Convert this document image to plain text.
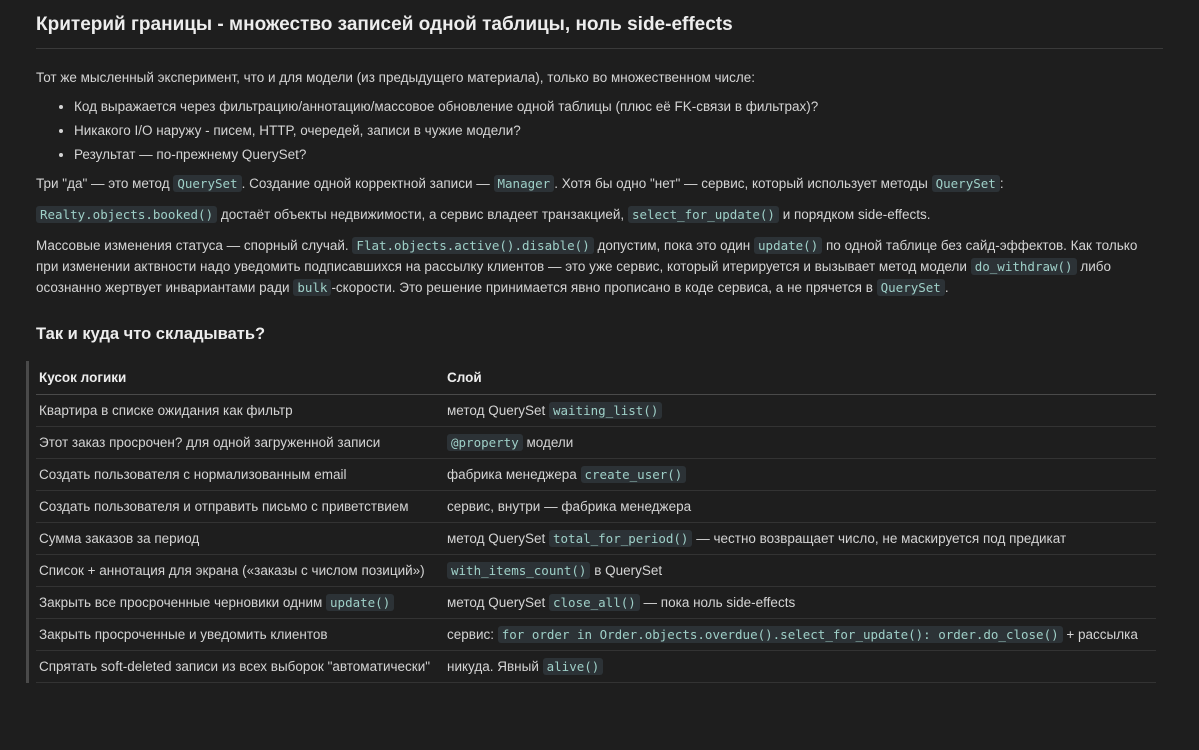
Критерий границы - множество записей одной таблицы, ноль side-effects

Тот же мысленный эксперимент, что и для модели (из предыдущего материала), только во множественном числе:

• Код выражается через фильтрацию/аннотацию/массовое обновление одной таблицы (плюс её FK-связи в фильтрах)?
• Никакого I/O наружу - писем, HTTP, очередей, записи в чужие модели?
• Результат — по-прежнему QuerySet?

Три "да" — это метод QuerySet . Создание одной корректной записи — Manager . Хотя бы одно "нет" — сервис, который использует методы QuerySet :

Realty.objects.booked() достаёт объекты недвижимости, а сервис владеет транзакцией, select_for_update() и порядком side-effects.

Массовые изменения статуса — спорный случай. Flat.objects.active().disable() допустим, пока это один update() по одной таблице без сайд-эффектов. Как только при изменении актвности надо уведомить подписавшихся на рассылку клиентов — это уже сервис, который итерируется и вызывает метод модели do_withdraw() либо осознанно жертвует инвариантами ради bulk -скорости. Это решение принимается явно прописано в коде сервиса, а не прячется в QuerySet .

Так и куда что складывать?
Кусок логики	Слой
Квартира в списке ожидания как фильтр	метод QuerySet waiting_list()
Этот заказ просрочен? для одной загруженной записи	@property модели
Создать пользователя с нормализованным email	фабрика менеджера create_user()
Создать пользователя и отправить письмо с приветствием	сервис, внутри — фабрика менеджера
Сумма заказов за период	метод QuerySet total_for_period() — честно возвращает число, не маскируется под предикат
Список + аннотация для экрана («заказы с числом позиций»)	with_items_count() в QuerySet
Закрыть все просроченные черновики одним update()	метод QuerySet close_all() — пока ноль side-effects
Закрыть просроченные и уведомить клиентов	сервис: for order in Order.objects.overdue().select_for_update(): order.do_close() + рассылка
Спрятать soft-deleted записи из всех выборок "автоматически"	никуда. Явный alive()
